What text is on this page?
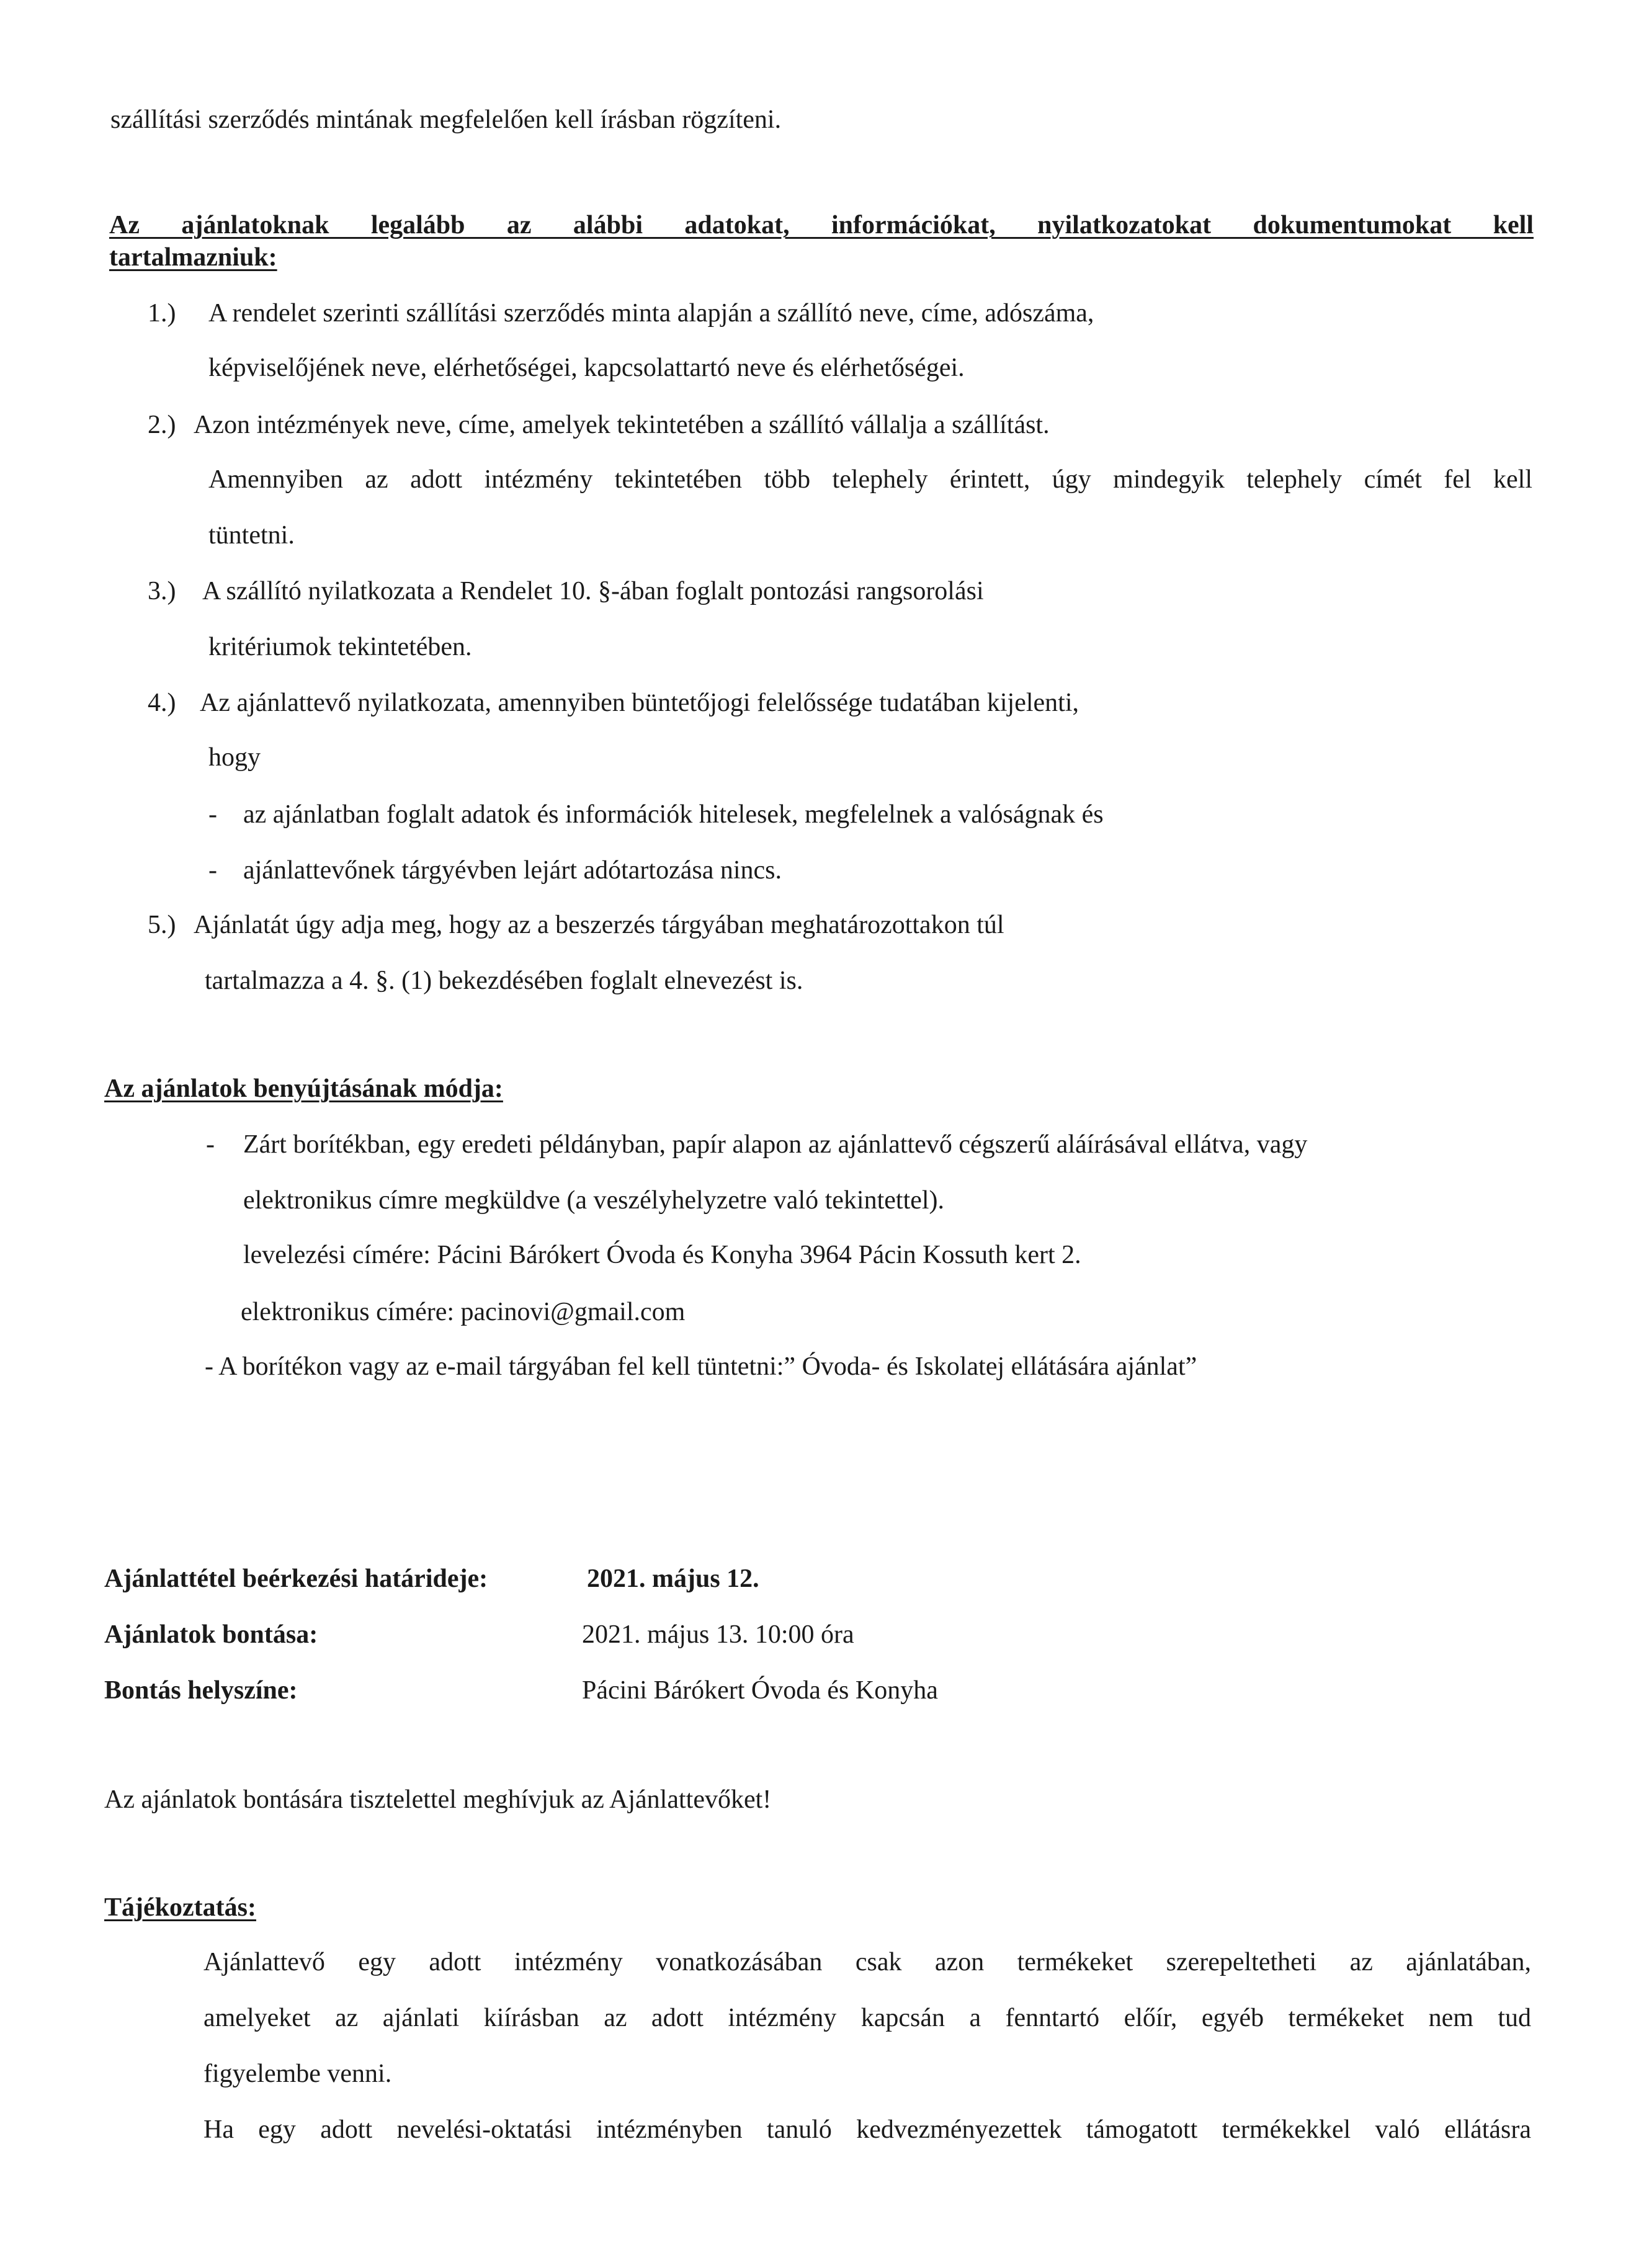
szállítási szerződés mintának megfelelően kell írásban rögzíteni.
Az ajánlatoknak legalább az alábbi adatokat, információkat, nyilatkozatokat dokumentumokat kell
tartalmazniuk:
1.) A rendelet szerinti szállítási szerződés minta alapján a szállító neve, címe, adószáma,
képviselőjének neve, elérhetőségei, kapcsolattartó neve és elérhetőségei.
2.) Azon intézmények neve, címe, amelyek tekintetében a szállító vállalja a szállítást.
Amennyiben az adott intézmény tekintetében több telephely érintett, úgy mindegyik telephely címét fel kell
tüntetni.
3.) A szállító nyilatkozata a Rendelet 10. §-ában foglalt pontozási rangsorolási
kritériumok tekintetében.
4.) Az ajánlattevő nyilatkozata, amennyiben büntetőjogi felelőssége tudatában kijelenti,
hogy
- az ajánlatban foglalt adatok és információk hitelesek, megfelelnek a valóságnak és
- ajánlattevőnek tárgyévben lejárt adótartozása nincs.
5.) Ajánlatát úgy adja meg, hogy az a beszerzés tárgyában meghatározottakon túl
tartalmazza a 4. §. (1) bekezdésében foglalt elnevezést is.
Az ajánlatok benyújtásának módja:
- Zárt borítékban, egy eredeti példányban, papír alapon az ajánlattevő cégszerű aláírásával ellátva, vagy
elektronikus címre megküldve (a veszélyhelyzetre való tekintettel).
levelezési címére: Pácini Bárókert Óvoda és Konyha 3964 Pácin Kossuth kert 2.
elektronikus címére: pacinovi@gmail.com
- A borítékon vagy az e-mail tárgyában fel kell tüntetni:” Óvoda- és Iskolatej ellátására ajánlat”
Ajánlattétel beérkezési határideje:	2021. május 12.
Ajánlatok bontása:	2021. május 13. 10:00 óra
Bontás helyszíne:	Pácini Bárókert Óvoda és Konyha
Az ajánlatok bontására tisztelettel meghívjuk az Ajánlattevőket!
Tájékoztatás:
Ajánlattevő egy adott intézmény vonatkozásában csak azon termékeket szerepeltetheti az ajánlatában,
amelyeket az ajánlati kiírásban az adott intézmény kapcsán a fenntartó előír, egyéb termékeket nem tud
figyelembe venni.
Ha egy adott nevelési-oktatási intézményben tanuló kedvezményezettek támogatott termékekkel való ellátásra
